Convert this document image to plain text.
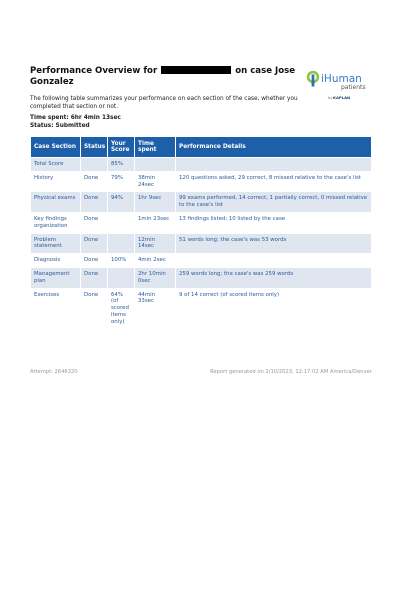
Performance Overview for	on case Jose Gonzalez	iHuman
patients
by KAPLAN
The following table summarizes your performance on each section of the case, whether you completed that section or not.
Time spent: 6hr 4min 13sec
Status: Submitted
Case Section	Status	Your Score	Time spent	Performance Details
Total Score		85%		
History	Done	79%	38min 24sec	120 questions asked, 29 correct, 8 missed relative to the case's list
Physical exams	Done	94%	1hr 9sec	99 exams performed, 14 correct, 1 partially correct, 0 missed relative to the case's list
Key findings organization	Done		1min 23sec	13 findings listed; 10 listed by the case
Problem statement	Done		12min 14sec	51 words long; the case's was 53 words
Diagnosis	Done	100%	4min 2sec	
Management plan	Done		2hr 10min 0sec	259 words long; the case's was 259 words
Exercises	Done	64% (of scored items only)	44min 33sec	9 of 14 correct (of scored items only)
Attempt: 2646320	Report generated on 2/10/2023, 12:17:02 AM America/Denver
